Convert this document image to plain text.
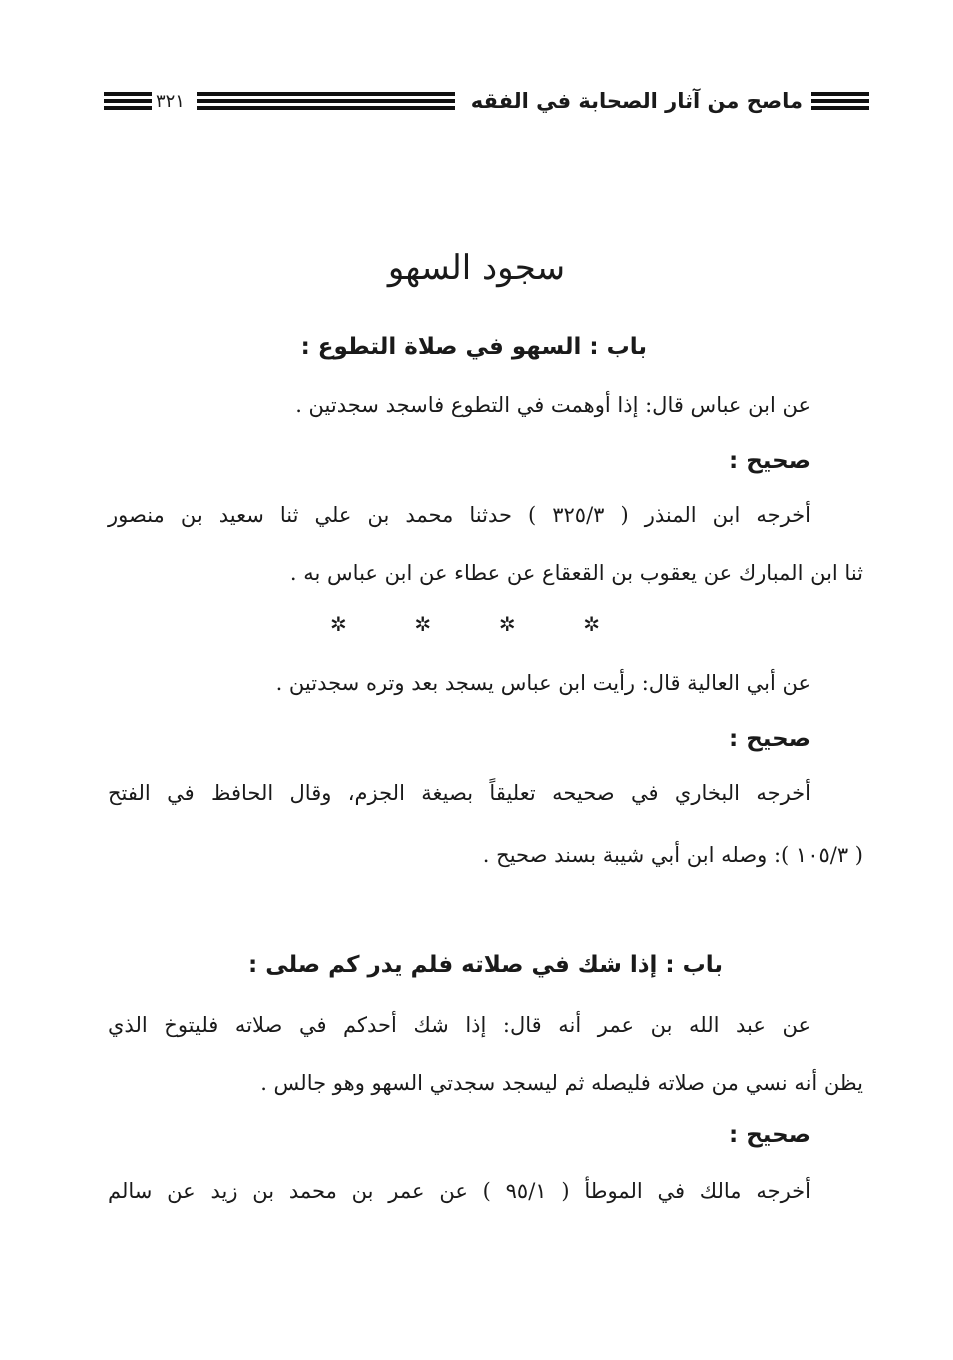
ماصح من آثار الصحابة في الفقه
٣٢١
سجود السهو
باب : السهو في صلاة التطوع :
عن ابن عباس قال: إذا أوهمت في التطوع فاسجد سجدتين .
صحيح :
أخرجه ابن المنذر ( ٣٢٥/٣ ) حدثنا محمد بن علي ثنا سعيد بن منصور
ثنا ابن المبارك عن يعقوب بن القعقاع عن عطاء عن ابن عباس به .
✲	✲	✲	✲
عن أبي العالية قال: رأيت ابن عباس يسجد بعد وتره سجدتين .
صحيح :
أخرجه البخاري في صحيحه تعليقاً بصيغة الجزم، وقال الحافظ في الفتح
( ١٠٥/٣ ): وصله ابن أبي شيبة بسند صحيح .
باب : إذا شك في صلاته فلم يدر كم صلى :
عن عبد الله بن عمر أنه قال: إذا شك أحدكم في صلاته فليتوخ الذي
يظن أنه نسي من صلاته فليصله ثم ليسجد سجدتي السهو وهو جالس .
صحيح :
أخرجه مالك في الموطأ ( ٩٥/١ ) عن عمر بن محمد بن زيد عن سالم
